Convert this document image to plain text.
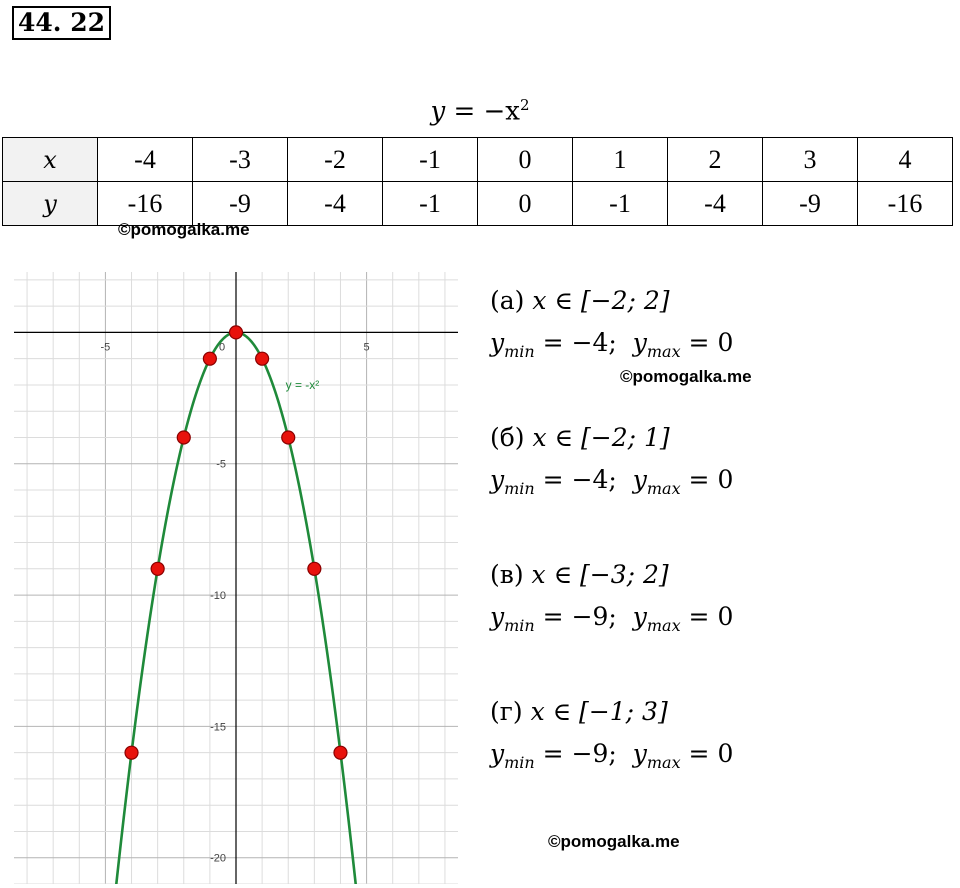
44. 22
$y = -x^2$
x	-4	-3	-2	-1	0	1	2	3	4
y	-16	-9	-4	-1	0	-1	-4	-9	-16
©pomogalka.me
©pomogalka.me
©pomogalka.me
-5	0	5
-5
-10
-15
-20
y = -x²
(а) x ∈ [−2; 2]
$y_{min} = -4$;  $y_{max} = 0$
(б) x ∈ [−2; 1]
$y_{min} = -4$;  $y_{max} = 0$
(в) x ∈ [−3; 2]
$y_{min} = -9$;  $y_{max} = 0$
(г) x ∈ [−1; 3]
$y_{min} = -9$;  $y_{max} = 0$
